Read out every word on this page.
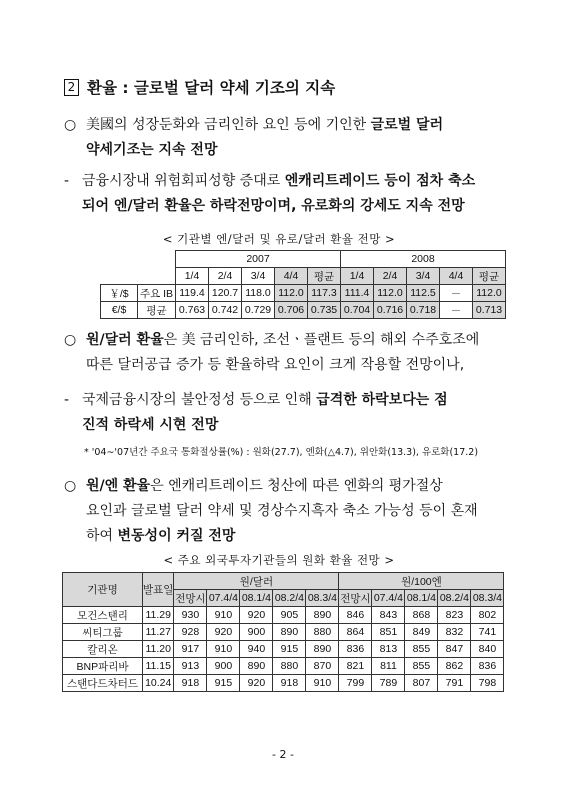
2 환율 : 글로벌 달러 약세 기조의 지속
○ 美國의 성장둔화와 금리인하 요인 등에 기인한 글로벌 달러
약세기조는 지속 전망
- 금융시장내 위험회피성향 증대로 엔캐리트레이드 등이 점차 축소
되어 엔/달러 환율은 하락전망이며, 유로화의 강세도 지속 전망
< 기관별 엔/달러 및 유로/달러 환율 전망 >
		2007					2008				
		1/4	2/4	3/4	4/4	평균	1/4	2/4	3/4	4/4	평균
￥/$	주요 IB	119.4	120.7	118.0	112.0	117.3	111.4	112.0	112.5	－	112.0
€/$	평균	0.763	0.742	0.729	0.706	0.735	0.704	0.716	0.718	－	0.713
○ 원/달러 환율은 美 금리인하, 조선ㆍ플랜트 등의 해외 수주호조에
따른 달러공급 증가 등 환율하락 요인이 크게 작용할 전망이나,
- 국제금융시장의 불안정성 등으로 인해 급격한 하락보다는 점
진적 하락세 시현 전망
* '04∼'07년간 주요국 통화절상률(%) : 원화(27.7), 엔화(△4.7), 위안화(13.3), 유로화(17.2)
○ 원/엔 환율은 엔캐리트레이드 청산에 따른 엔화의 평가절상
요인과 글로벌 달러 약세 및 경상수지흑자 축소 가능성 등이 혼재
하여 변동성이 커질 전망
< 주요 외국투자기관들의 원화 환율 전망 >
기관명	발표일	원/달러					원/100엔				
		전망시	07.4/4	08.1/4	08.2/4	08.3/4	전망시	07.4/4	08.1/4	08.2/4	08.3/4
모건스탠리	11.29	930	910	920	905	890	846	843	868	823	802
씨티그룹	11.27	928	920	900	890	880	864	851	849	832	741
칼리온	11.20	917	910	940	915	890	836	813	855	847	840
BNP파리바	11.15	913	900	890	880	870	821	811	855	862	836
스탠다드차터드	10.24	918	915	920	918	910	799	789	807	791	798
- 2 -
